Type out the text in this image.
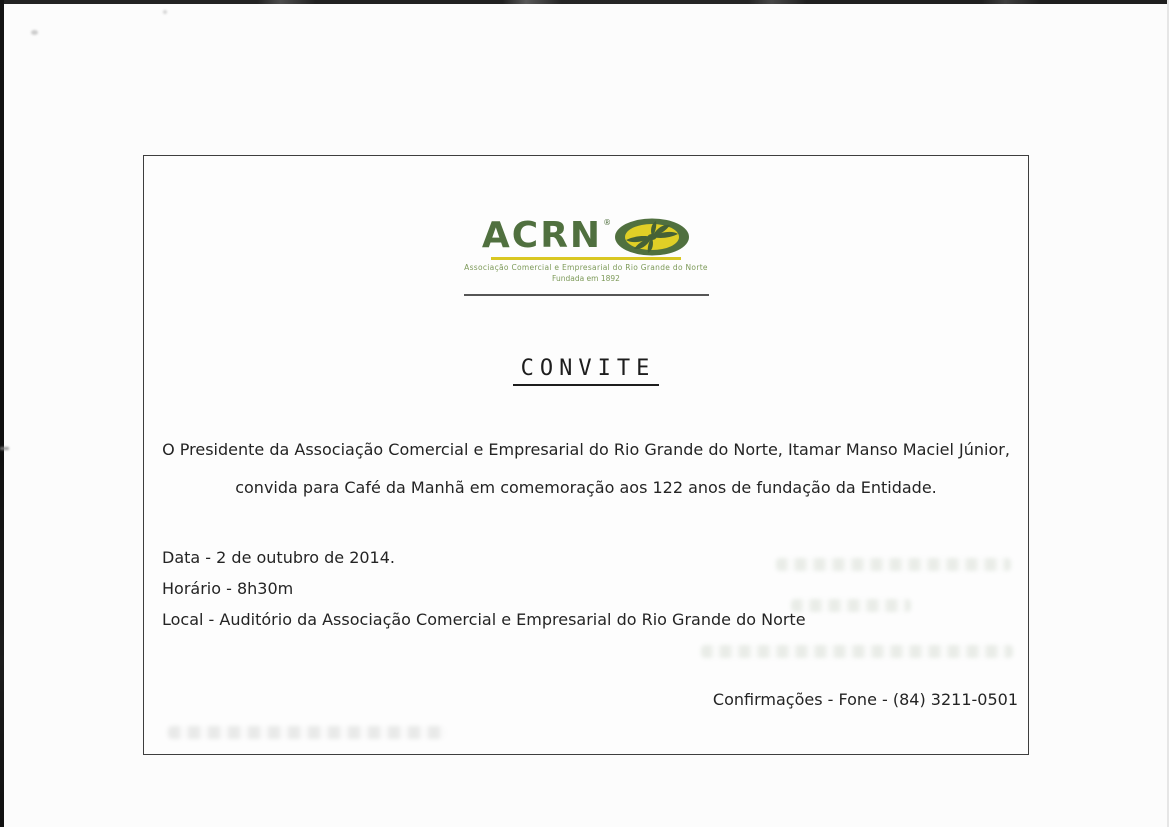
ACRN ®
Associação Comercial e Empresarial do Rio Grande do Norte
Fundada em 1892
CONVITE
O Presidente da Associação Comercial e Empresarial do Rio Grande do Norte, Itamar Manso Maciel Júnior,
convida para Café da Manhã em comemoração aos 122 anos de fundação da Entidade.
Data - 2 de outubro de 2014.
Horário - 8h30m
Local - Auditório da Associação Comercial e Empresarial do Rio Grande do Norte
Confirmações - Fone - (84) 3211-0501
